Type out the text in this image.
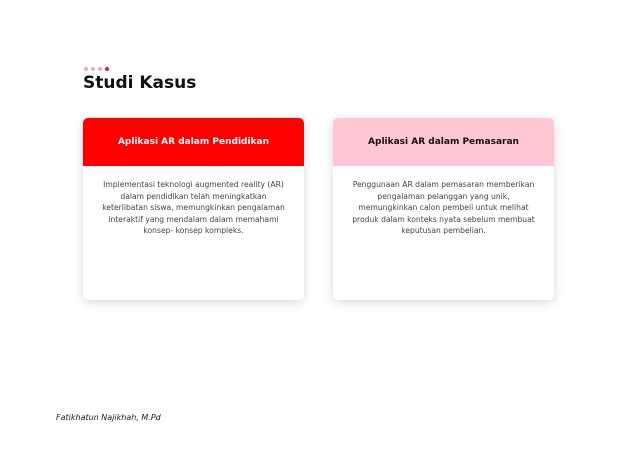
Studi Kasus
Aplikasi AR dalam Pendidikan
Implementasi teknologi augmented reality (AR) dalam pendidikan telah meningkatkan keterlibatan siswa, memungkinkan pengalaman interaktif yang mendalam dalam memahami konsep- konsep kompleks.
Aplikasi AR dalam Pemasaran
Penggunaan AR dalam pemasaran memberikan pengalaman pelanggan yang unik, memungkinkan calon pembeli untuk melihat produk dalam konteks nyata sebelum membuat keputusan pembelian.
Fatikhatun Najikhah, M.Pd
